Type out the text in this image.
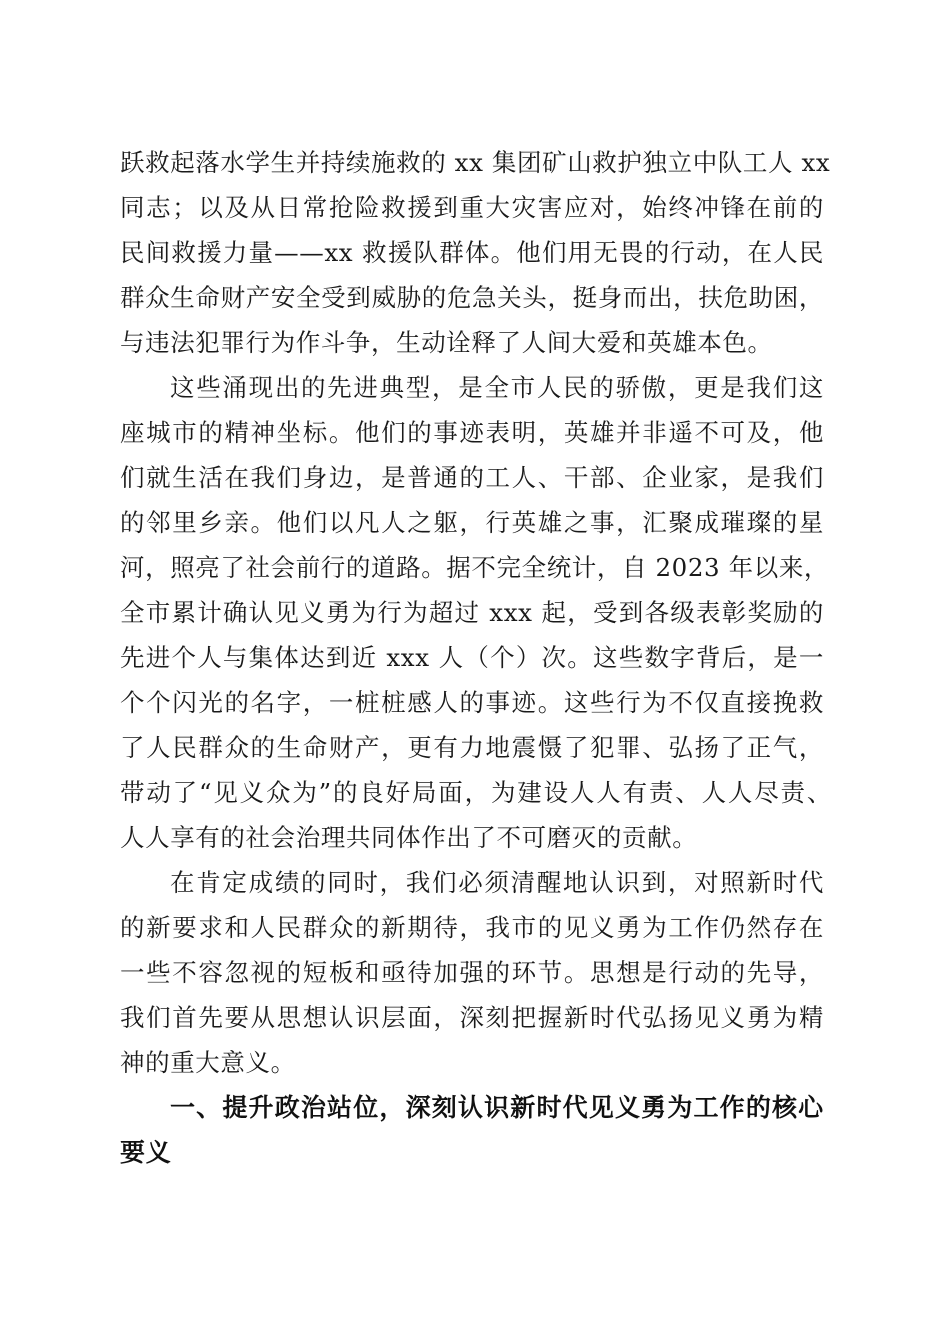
跃救起落水学生并持续施救的 xx 集团矿山救护独立中队工人 xx
同志；以及从日常抢险救援到重大灾害应对，始终冲锋在前的
民间救援力量——xx 救援队群体。他们用无畏的行动，在人民
群众生命财产安全受到威胁的危急关头，挺身而出，扶危助困，
与违法犯罪行为作斗争，生动诠释了人间大爱和英雄本色。
这些涌现出的先进典型，是全市人民的骄傲，更是我们这
座城市的精神坐标。他们的事迹表明，英雄并非遥不可及，他
们就生活在我们身边，是普通的工人、干部、企业家，是我们
的邻里乡亲。他们以凡人之躯，行英雄之事，汇聚成璀璨的星
河，照亮了社会前行的道路。据不完全统计，自 2023 年以来，
全市累计确认见义勇为行为超过 xxx 起，受到各级表彰奖励的
先进个人与集体达到近 xxx 人（个）次。这些数字背后，是一
个个闪光的名字，一桩桩感人的事迹。这些行为不仅直接挽救
了人民群众的生命财产，更有力地震慑了犯罪、弘扬了正气，
带动了“见义众为”的良好局面，为建设人人有责、人人尽责、
人人享有的社会治理共同体作出了不可磨灭的贡献。
在肯定成绩的同时，我们必须清醒地认识到，对照新时代
的新要求和人民群众的新期待，我市的见义勇为工作仍然存在
一些不容忽视的短板和亟待加强的环节。思想是行动的先导，
我们首先要从思想认识层面，深刻把握新时代弘扬见义勇为精
神的重大意义。
一、提升政治站位，深刻认识新时代见义勇为工作的核心
要义
